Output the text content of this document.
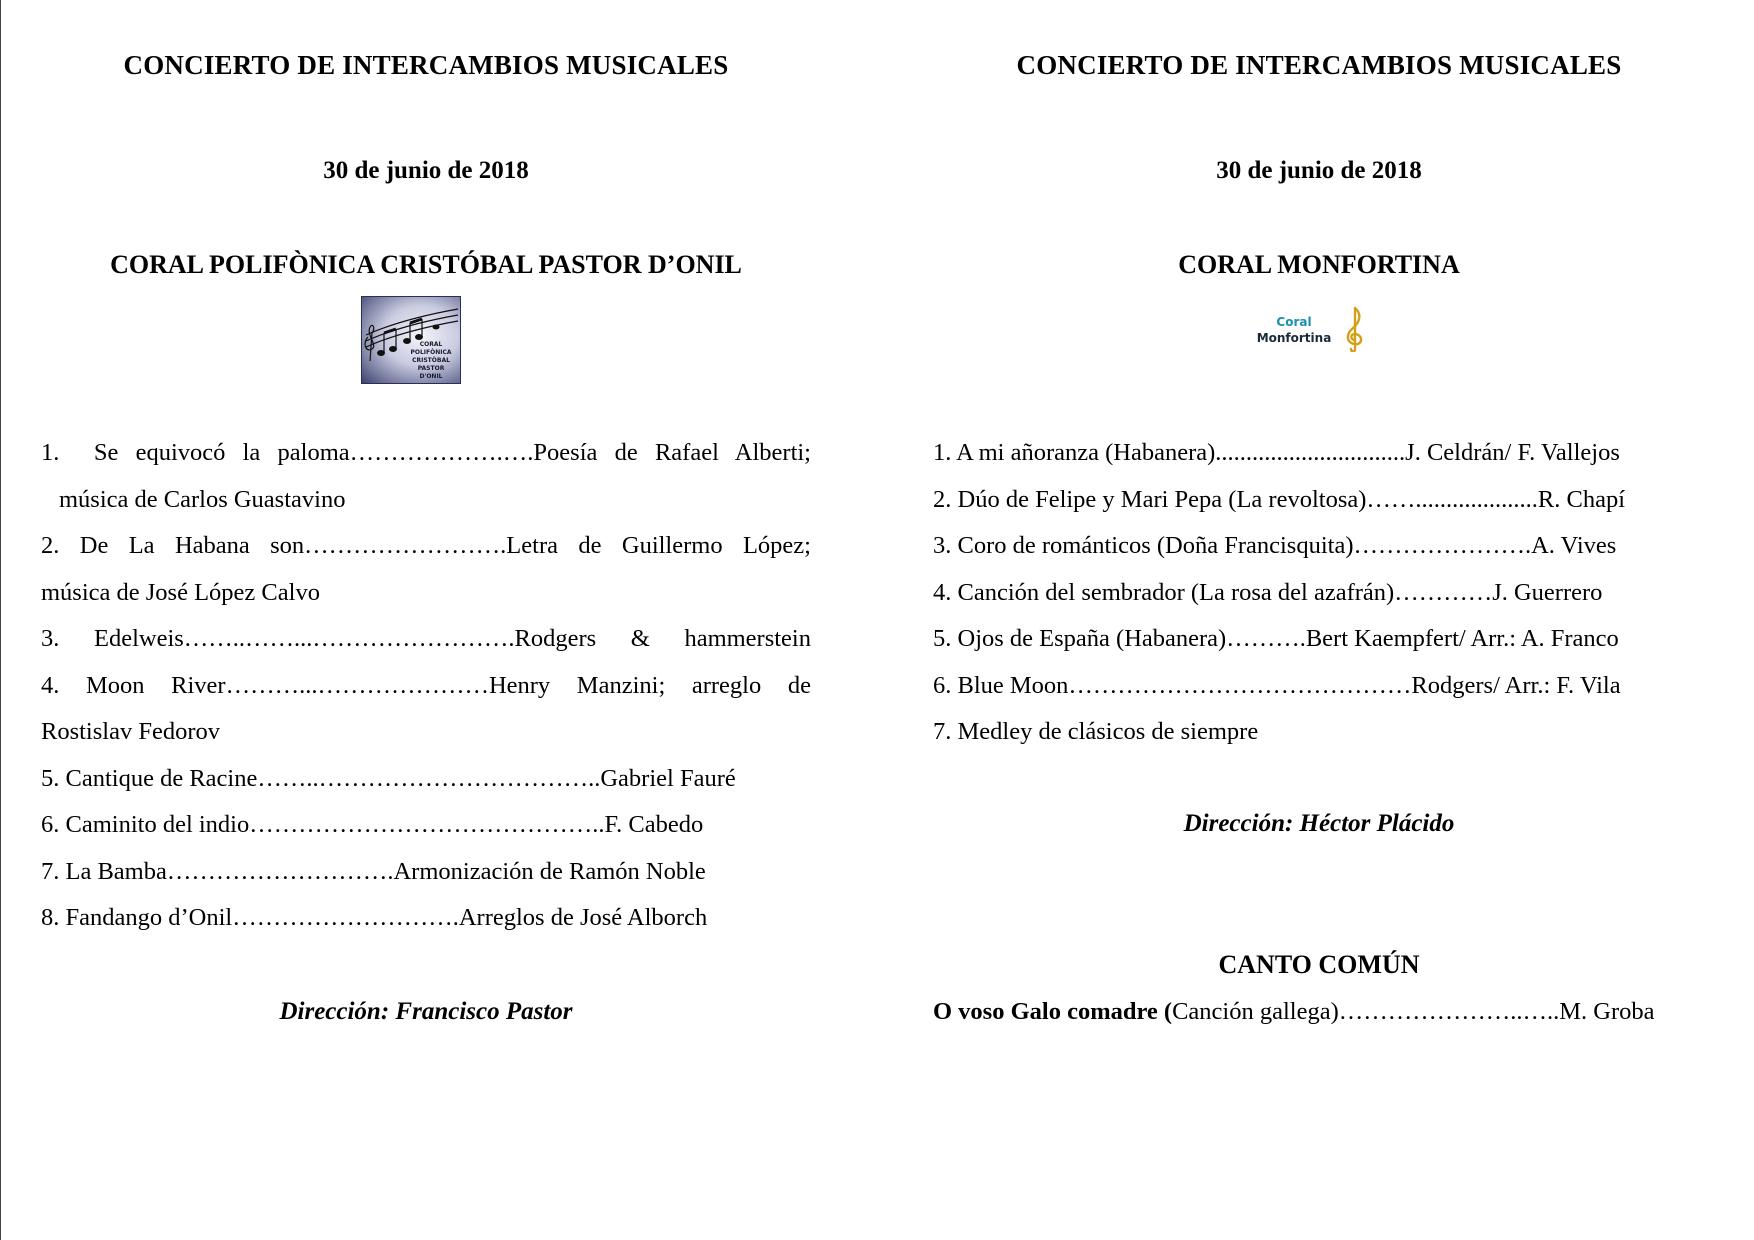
CONCIERTO DE INTERCAMBIOS MUSICALES
30 de junio de 2018
CORAL POLIFÒNICA CRISTÓBAL PASTOR D’ONIL
CORAL
POLIFÒNICA
CRISTÒBAL PASTOR
D'ONIL
1.  Se equivocó la paloma……………….….Poesía de Rafael Alberti;
música de Carlos Guastavino
2. De La Habana son…………………….Letra de Guillermo López;
música de José López Calvo
3. Edelweis……..……...…………………….Rodgers & hammerstein
4. Moon River………...…………………Henry Manzini; arreglo de
Rostislav Fedorov
5. Cantique de Racine……..……………………………..Gabriel Fauré
6. Caminito del indio……………………………………..F. Cabedo
7. La Bamba……………………….Armonización de Ramón Noble
8. Fandango d’Onil……………………….Arreglos de José Alborch
Dirección: Francisco Pastor
CONCIERTO DE INTERCAMBIOS MUSICALES
30 de junio de 2018
CORAL MONFORTINA
Coral
Monfortina
1. A mi añoranza (Habanera)...............................J. Celdrán/ F. Vallejos
2. Dúo de Felipe y Mari Pepa (La revoltosa)……....................R. Chapí
3. Coro de románticos (Doña Francisquita)………………….A. Vives
4. Canción del sembrador (La rosa del azafrán)…………J. Guerrero
5. Ojos de España (Habanera)……….Bert Kaempfert/ Arr.: A. Franco
6. Blue Moon……………………………………Rodgers/ Arr.: F. Vila
7. Medley de clásicos de siempre
Dirección: Héctor Plácido
CANTO COMÚN
O voso Galo comadre (Canción gallega)…………………..…..M. Groba
